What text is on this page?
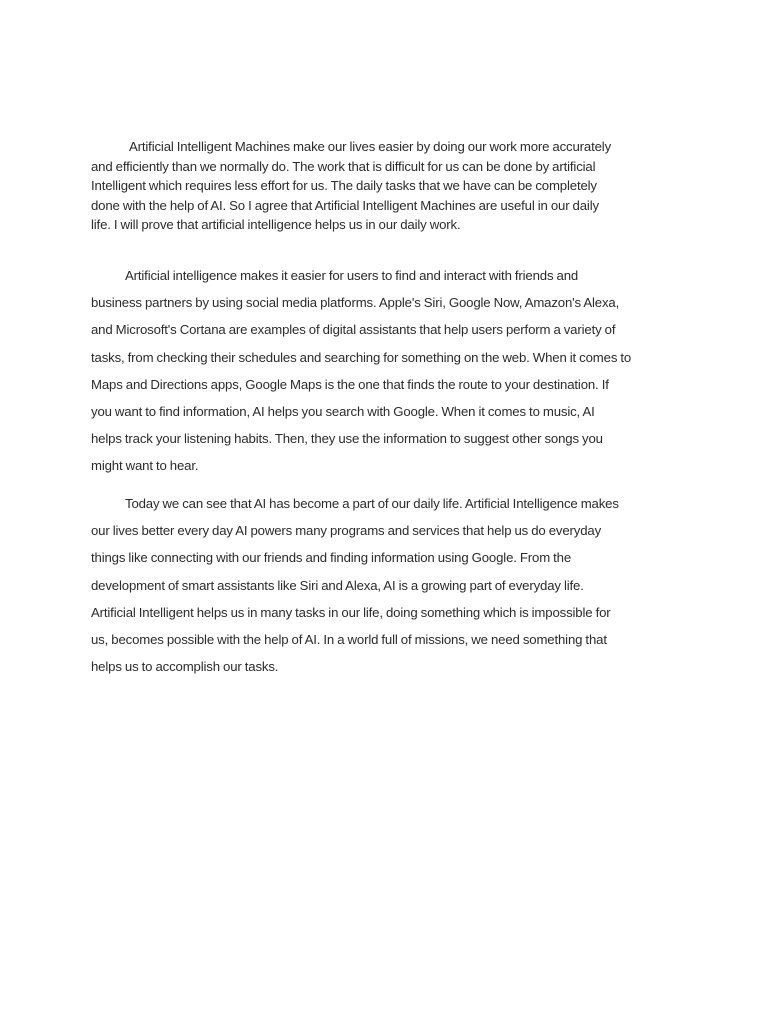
Artificial Intelligent Machines make our lives easier by doing our work more accurately
and efficiently than we normally do. The work that is difficult for us can be done by artificial
Intelligent which requires less effort for us. The daily tasks that we have can be completely
done with the help of AI. So I agree that Artificial Intelligent Machines are useful in our daily
life. I will prove that artificial intelligence helps us in our daily work.

Artificial intelligence makes it easier for users to find and interact with friends and
business partners by using social media platforms. Apple's Siri, Google Now, Amazon's Alexa,
and Microsoft's Cortana are examples of digital assistants that help users perform a variety of
tasks, from checking their schedules and searching for something on the web. When it comes to
Maps and Directions apps, Google Maps is the one that finds the route to your destination. If
you want to find information, AI helps you search with Google. When it comes to music, AI
helps track your listening habits. Then, they use the information to suggest other songs you
might want to hear.

Today we can see that AI has become a part of our daily life. Artificial Intelligence makes
our lives better every day AI powers many programs and services that help us do everyday
things like connecting with our friends and finding information using Google. From the
development of smart assistants like Siri and Alexa, AI is a growing part of everyday life.
Artificial Intelligent helps us in many tasks in our life, doing something which is impossible for
us, becomes possible with the help of AI. In a world full of missions, we need something that
helps us to accomplish our tasks.
